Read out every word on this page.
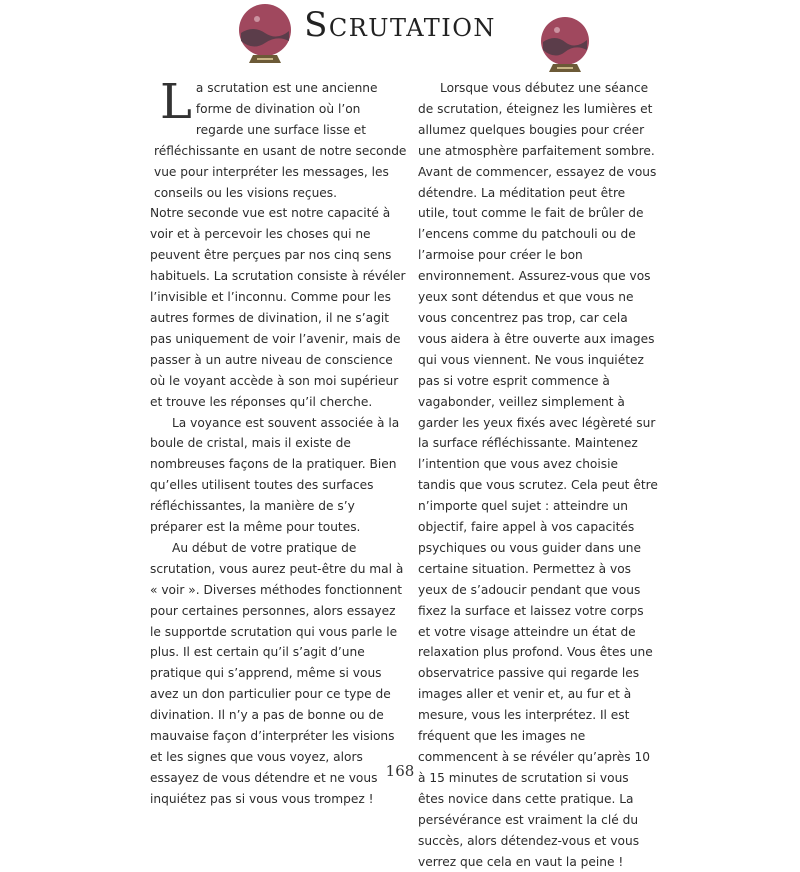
Scrutation

La scrutation est une ancienne forme de divination où l’on regarde une surface lisse et réfléchissante en usant de notre seconde vue pour interpréter les messages, les conseils ou les visions reçues.

Notre seconde vue est notre capacité à voir et à percevoir les choses qui ne peuvent être perçues par nos cinq sens habituels. La scrutation consiste à révéler l’invisible et l’inconnu. Comme pour les autres formes de divination, il ne s’agit pas uniquement de voir l’avenir, mais de passer à un autre niveau de conscience où le voyant accède à son moi supérieur et trouve les réponses qu’il cherche.

La voyance est souvent associée à la boule de cristal, mais il existe de nombreuses façons de la pratiquer. Bien qu’elles utilisent toutes des surfaces réfléchissantes, la manière de s’y préparer est la même pour toutes.

Au début de votre pratique de scrutation, vous aurez peut-être du mal à « voir ». Diverses méthodes fonctionnent pour certaines personnes, alors essayez le supportde scrutation qui vous parle le plus. Il est certain qu’il s’agit d’une pratique qui s’apprend, même si vous avez un don particulier pour ce type de divination. Il n’y a pas de bonne ou de mauvaise façon d’interpréter les visions et les signes que vous voyez, alors essayez de vous détendre et ne vous inquiétez pas si vous vous trompez !

Lorsque vous débutez une séance de scrutation, éteignez les lumières et allumez quelques bougies pour créer une atmosphère parfaitement sombre. Avant de commencer, essayez de vous détendre. La méditation peut être utile, tout comme le fait de brûler de l’encens comme du patchouli ou de l’armoise pour créer le bon environnement. Assurez-vous que vos yeux sont détendus et que vous ne vous concentrez pas trop, car cela vous aidera à être ouverte aux images qui vous viennent. Ne vous inquiétez pas si votre esprit commence à vagabonder, veillez simplement à garder les yeux fixés avec légèreté sur la surface réfléchissante. Maintenez l’intention que vous avez choisie tandis que vous scrutez. Cela peut être n’importe quel sujet : atteindre un objectif, faire appel à vos capacités psychiques ou vous guider dans une certaine situation. Permettez à vos yeux de s’adoucir pendant que vous fixez la surface et laissez votre corps et votre visage atteindre un état de relaxation plus profond. Vous êtes une observatrice passive qui regarde les images aller et venir et, au fur et à mesure, vous les interprétez. Il est fréquent que les images ne commencent à se révéler qu’après 10 à 15 minutes de scrutation si vous êtes novice dans cette pratique. La persévérance est vraiment la clé du succès, alors détendez-vous et vous verrez que cela en vaut la peine !

168
